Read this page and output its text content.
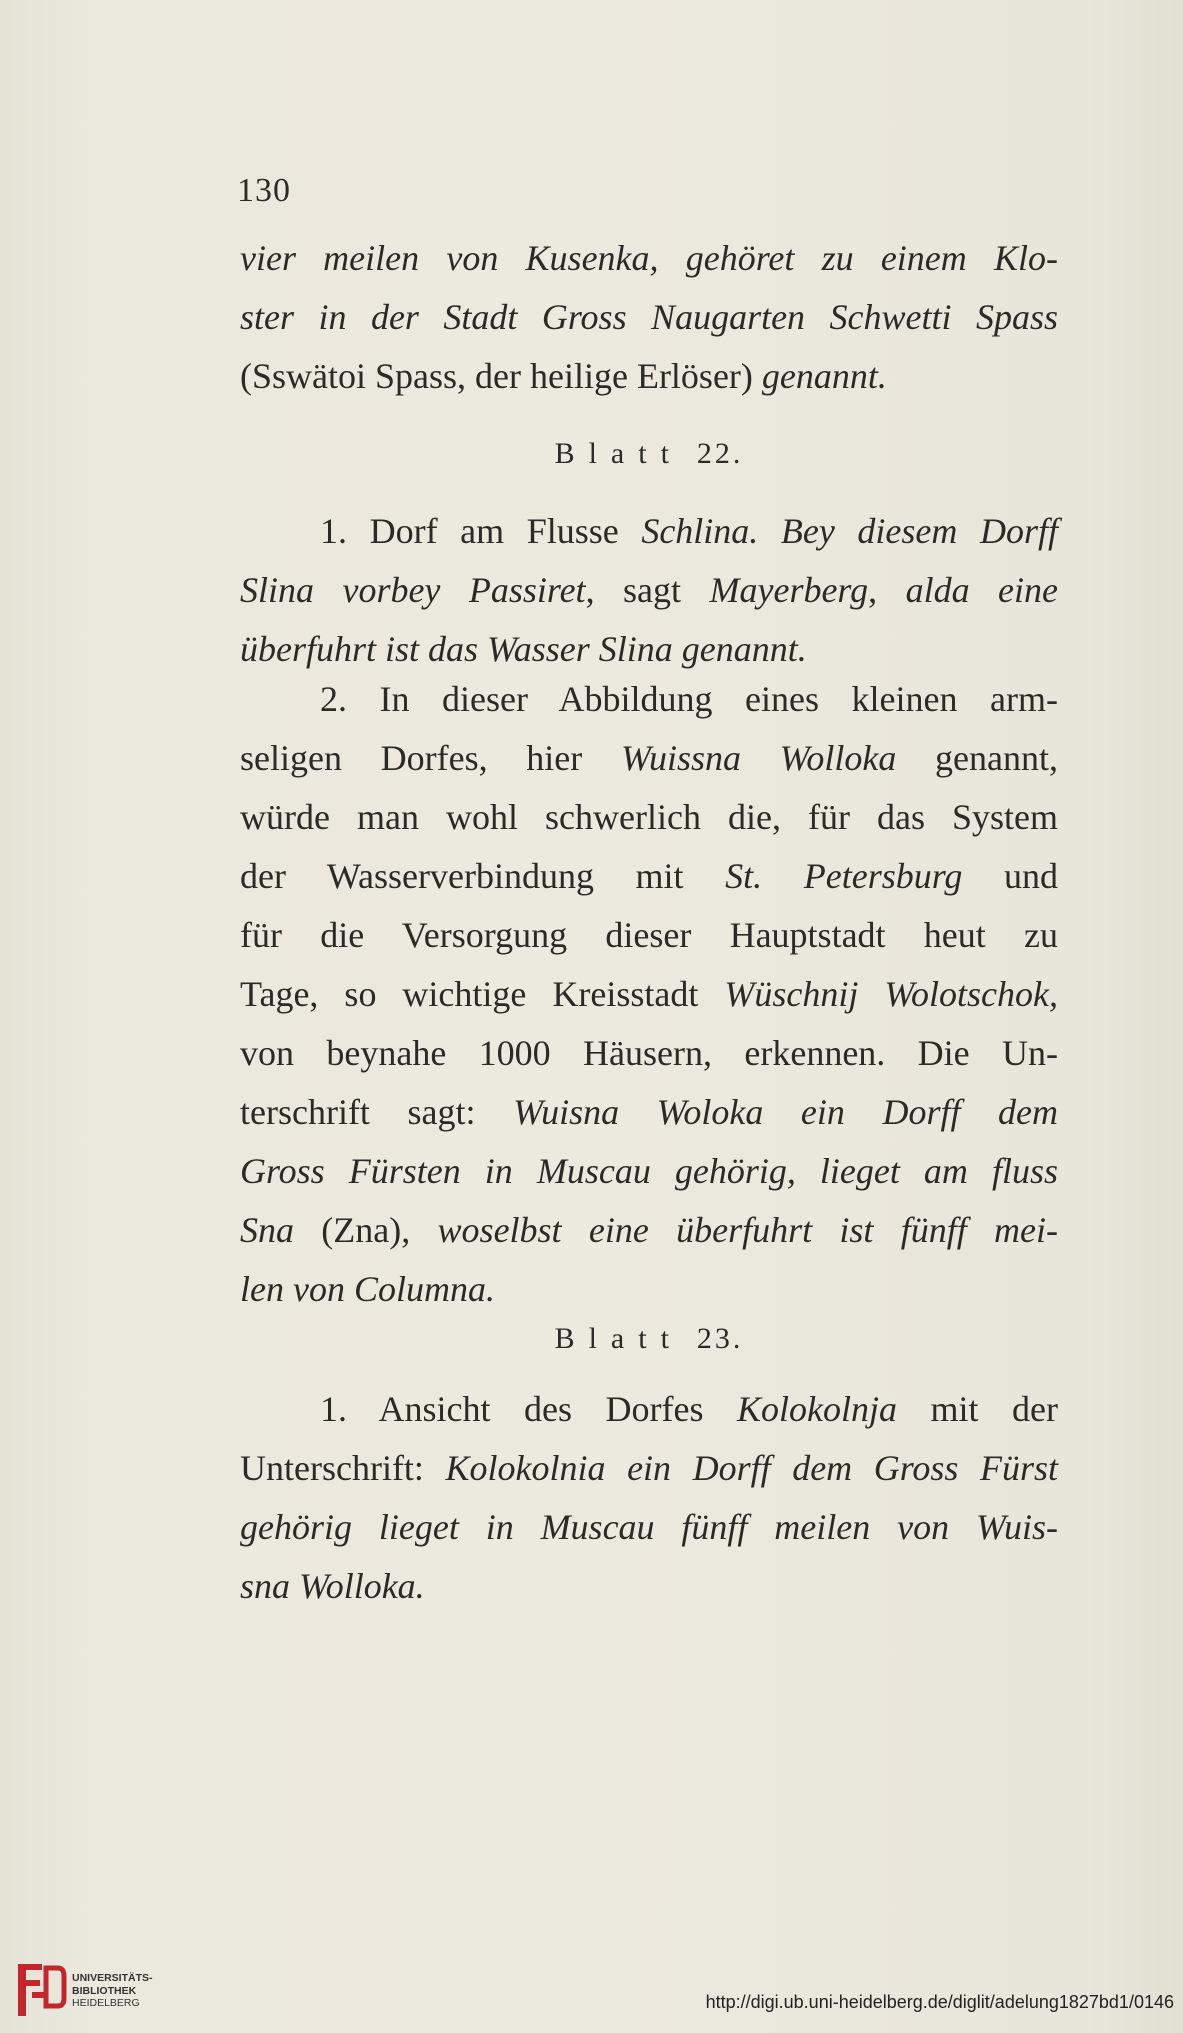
130
vier meilen von Kusenka, gehöret zu einem Klo-
ster in der Stadt Gross Naugarten Schwetti Spass
(Sswätoi Spass, der heilige Erlöser) genannt.
Blatt 22.
1. Dorf am Flusse Schlina. Bey diesem Dorff
Slina vorbey Passiret, sagt Mayerberg, alda eine
überfuhrt ist das Wasser Slina genannt.
2. In dieser Abbildung eines kleinen arm-
seligen Dorfes, hier Wuissna Wolloka genannt,
würde man wohl schwerlich die, für das System
der Wasserverbindung mit St. Petersburg und
für die Versorgung dieser Hauptstadt heut zu
Tage, so wichtige Kreisstadt Wüschnij Wolotschok,
von beynahe 1000 Häusern, erkennen. Die Un-
terschrift sagt: Wuisna Woloka ein Dorff dem
Gross Fürsten in Muscau gehörig, lieget am fluss
Sna (Zna), woselbst eine überfuhrt ist fünff mei-
len von Columna.
Blatt 23.
1. Ansicht des Dorfes Kolokolnja mit der
Unterschrift: Kolokolnia ein Dorff dem Gross Fürst
gehörig lieget in Muscau fünff meilen von Wuis-
sna Wolloka.
UNIVERSITÄTS-
BIBLIOTHEK
HEIDELBERG	http://digi.ub.uni-heidelberg.de/diglit/adelung1827bd1/0146
